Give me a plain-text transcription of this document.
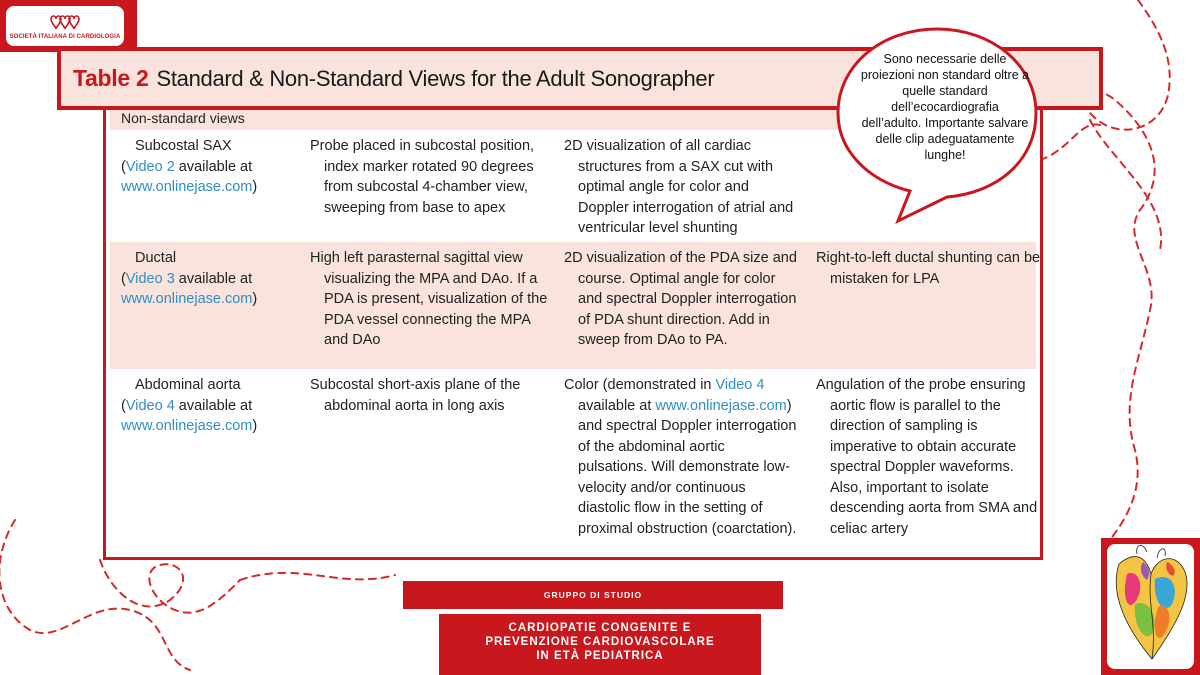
SOCIETÀ ITALIANA DI CARDIOLOGIA
Non-standard views
Subcostal SAX
(Video 2 available at
www.onlinejase.com)
Probe placed in subcostal position, index marker rotated 90 degrees from subcostal 4-chamber view, sweeping from base to apex
2D visualization of all cardiac structures from a SAX cut with optimal angle for color and Doppler interrogation of atrial and ventricular level shunting
Ductal
(Video 3 available at
www.onlinejase.com)
High left parasternal sagittal view visualizing the MPA and DAo. If a PDA is present, visualization of the PDA vessel connecting the MPA and DAo
2D visualization of the PDA size and course. Optimal angle for color and spectral Doppler interrogation of PDA shunt direction. Add in sweep from DAo to PA.
Right-to-left ductal shunting can be mistaken for LPA
Abdominal aorta
(Video 4 available at
www.onlinejase.com)
Subcostal short-axis plane of the abdominal aorta in long axis
Color (demonstrated in Video 4 available at www.onlinejase.com) and spectral Doppler interrogation of the abdominal aortic pulsations. Will demonstrate low-velocity and/or continuous diastolic flow in the setting of proximal obstruction (coarctation).
Angulation of the probe ensuring aortic flow is parallel to the direction of sampling is imperative to obtain accurate spectral Doppler waveforms. Also, important to isolate descending aorta from SMA and celiac artery
Table 2 Standard & Non-Standard Views for the Adult Sonographer
Sono necessarie delle proiezioni non standard oltre a quelle standard dell’ecocardiografia dell’adulto. Importante salvare delle clip adeguatamente lunghe!
GRUPPO DI STUDIO
CARDIOPATIE CONGENITE E
PREVENZIONE CARDIOVASCOLARE
IN ETÀ PEDIATRICA
